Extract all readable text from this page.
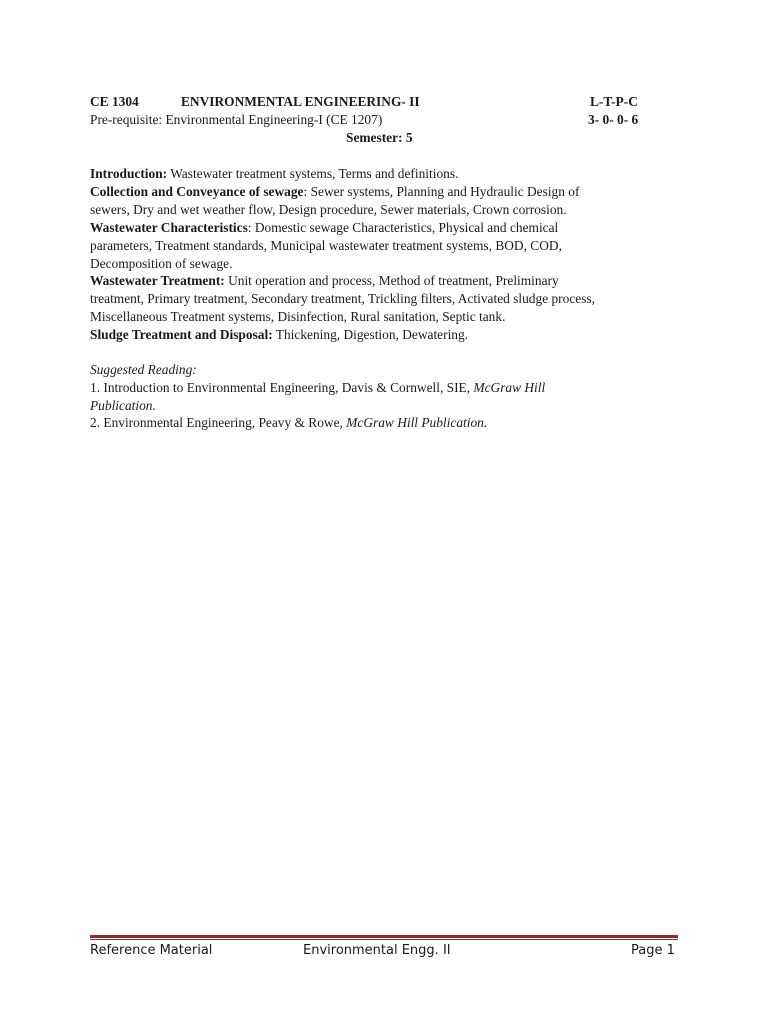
CE 1304	ENVIRONMENTAL ENGINEERING- II	L-T-P-C
Pre-requisite: Environmental Engineering-I (CE 1207)	3- 0- 0- 6
Semester: 5
Introduction: Wastewater treatment systems, Terms and definitions.
Collection and Conveyance of sewage: Sewer systems, Planning and Hydraulic Design of
sewers, Dry and wet weather flow, Design procedure, Sewer materials, Crown corrosion.
Wastewater Characteristics: Domestic sewage Characteristics, Physical and chemical
parameters, Treatment standards, Municipal wastewater treatment systems, BOD, COD,
Decomposition of sewage.
Wastewater Treatment: Unit operation and process, Method of treatment, Preliminary
treatment, Primary treatment, Secondary treatment, Trickling filters, Activated sludge process,
Miscellaneous Treatment systems, Disinfection, Rural sanitation, Septic tank.
Sludge Treatment and Disposal: Thickening, Digestion, Dewatering.
Suggested Reading:
1. Introduction to Environmental Engineering, Davis & Cornwell, SIE, McGraw Hill
Publication.
2. Environmental Engineering, Peavy & Rowe, McGraw Hill Publication.
Reference Material	Environmental Engg. II	Page 1
